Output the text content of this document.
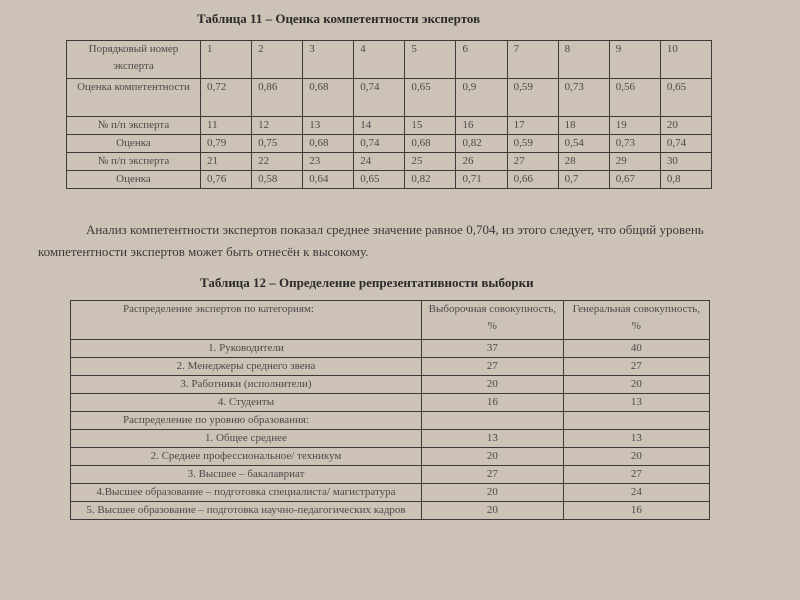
Таблица 11 – Оценка компетентности экспертов
Порядковый номер эксперта	1	2	3	4	5	6	7	8	9	10
Оценка компетентности	0,72	0,86	0,68	0,74	0,65	0,9	0,59	0,73	0,56	0,65
№ п/п эксперта	11	12	13	14	15	16	17	18	19	20
Оценка	0,79	0,75	0,68	0,74	0,68	0,82	0,59	0,54	0,73	0,74
№ п/п эксперта	21	22	23	24	25	26	27	28	29	30
Оценка	0,76	0,58	0,64	0,65	0,82	0,71	0,66	0,7	0,67	0,8
Анализ компетентности экспертов показал среднее значение равное 0,704, из этого следует, что общий уровень компетентности экспертов может быть отнесён к высокому.
Таблица 12 – Определение репрезентативности выборки
Распределение экспертов по категориям:	Выборочная совокупность, %	Генеральная совокупность, %
1. Руководители	37	40
2. Менеджеры среднего звена	27	27
3. Работники (исполнители)	20	20
4. Студенты	16	13
Распределение по уровню образования:		
1. Общее среднее	13	13
2. Среднее профессиональное/ техникум	20	20
3. Высшее – бакалавриат	27	27
4.Высшее образование – подготовка специалиста/ магистратура	20	24
5. Высшее образование – подготовка научно-педагогических кадров	20	16
